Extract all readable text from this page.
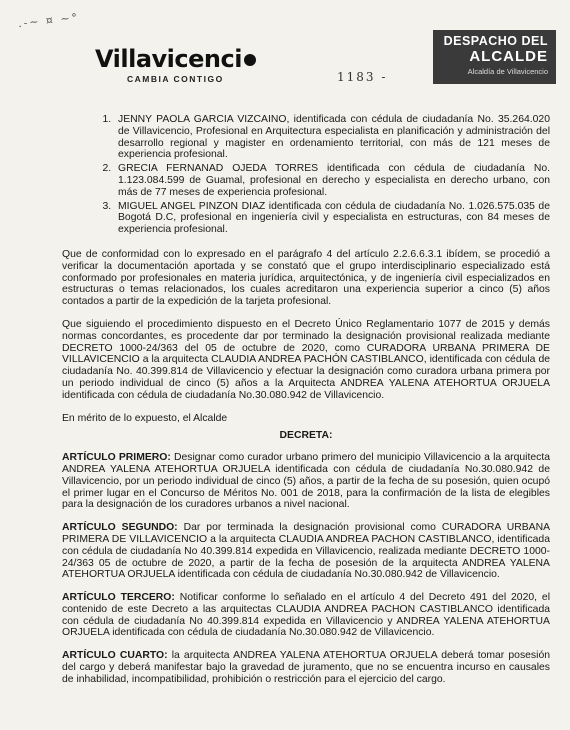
.-~ ¤ ~°
Villavicenci
CAMBIA CONTIGO	1183 -
DESPACHO DEL
ALCALDE
Alcaldía de Villavicencio
1. JENNY PAOLA GARCIA VIZCAINO, identificada con cédula de ciudadanía No. 35.264.020 de Villavicencio, Profesional en Arquitectura especialista en planificación y administración del desarrollo regional y magister en ordenamiento territorial, con más de 121 meses de experiencia profesional.
2. GRECIA FERNANAD OJEDA TORRES identificada con cédula de ciudadanía No. 1.123.084.599 de Guamal, profesional en derecho y especialista en derecho urbano, con más de 77 meses de experiencia profesional.
3. MIGUEL ANGEL PINZON DIAZ identificada con cédula de ciudadanía No. 1.026.575.035 de Bogotá D.C, profesional en ingeniería civil y especialista en estructuras, con 84 meses de experiencia profesional.

Que de conformidad con lo expresado en el parágrafo 4 del artículo 2.2.6.6.3.1 ibídem, se procedió a verificar la documentación aportada y se constató que el grupo interdisciplinario especializado está conformado por profesionales en materia jurídica, arquitectónica, y de ingeniería civil especializados en estructuras o temas relacionados, los cuales acreditaron una experiencia superior a cinco (5) años contados a partir de la expedición de la tarjeta profesional.

Que siguiendo el procedimiento dispuesto en el Decreto Único Reglamentario 1077 de 2015 y demás normas concordantes, es procedente dar por terminado la designación provisional realizada mediante DECRETO 1000-24/363 del 05 de octubre de 2020, como CURADORA URBANA PRIMERA DE VILLAVICENCIO a la arquitecta CLAUDIA ANDREA PACHÓN CASTIBLANCO, identificada con cédula de ciudadanía No. 40.399.814 de Villavicencio y efectuar la designación como curadora urbana primera por un periodo individual de cinco (5) años a la Arquitecta ANDREA YALENA ATEHORTUA ORJUELA identificada con cédula de ciudadanía No.30.080.942 de Villavicencio.

En mérito de lo expuesto, el Alcalde

DECRETA:

ARTÍCULO PRIMERO: Designar como curador urbano primero del municipio Villavicencio a la arquitecta ANDREA YALENA ATEHORTUA ORJUELA identificada con cédula de ciudadanía No.30.080.942 de Villavicencio, por un periodo individual de cinco (5) años, a partir de la fecha de su posesión, quien ocupó el primer lugar en el Concurso de Méritos No. 001 de 2018, para la confirmación de la lista de elegibles para la designación de los curadores urbanos a nivel nacional.

ARTÍCULO SEGUNDO: Dar por terminada la designación provisional como CURADORA URBANA PRIMERA DE VILLAVICENCIO a la arquitecta CLAUDIA ANDREA PACHON CASTIBLANCO, identificada con cédula de ciudadanía No 40.399.814 expedida en Villavicencio, realizada mediante DECRETO 1000-24/363 05 de octubre de 2020, a partir de la fecha de posesión de la arquitecta ANDREA YALENA ATEHORTUA ORJUELA identificada con cédula de ciudadanía No.30.080.942 de Villavicencio.

ARTÍCULO TERCERO: Notificar conforme lo señalado en el artículo 4 del Decreto 491 del 2020, el contenido de este Decreto a las arquitectas CLAUDIA ANDREA PACHON CASTIBLANCO identificada con cédula de ciudadanía No 40.399.814 expedida en Villavicencio y ANDREA YALENA ATEHORTUA ORJUELA identificada con cédula de ciudadanía No.30.080.942 de Villavicencio.

ARTÍCULO CUARTO: la arquitecta ANDREA YALENA ATEHORTUA ORJUELA deberá tomar posesión del cargo y deberá manifestar bajo la gravedad de juramento, que no se encuentra incurso en causales de inhabilidad, incompatibilidad, prohibición o restricción para el ejercicio del cargo.
